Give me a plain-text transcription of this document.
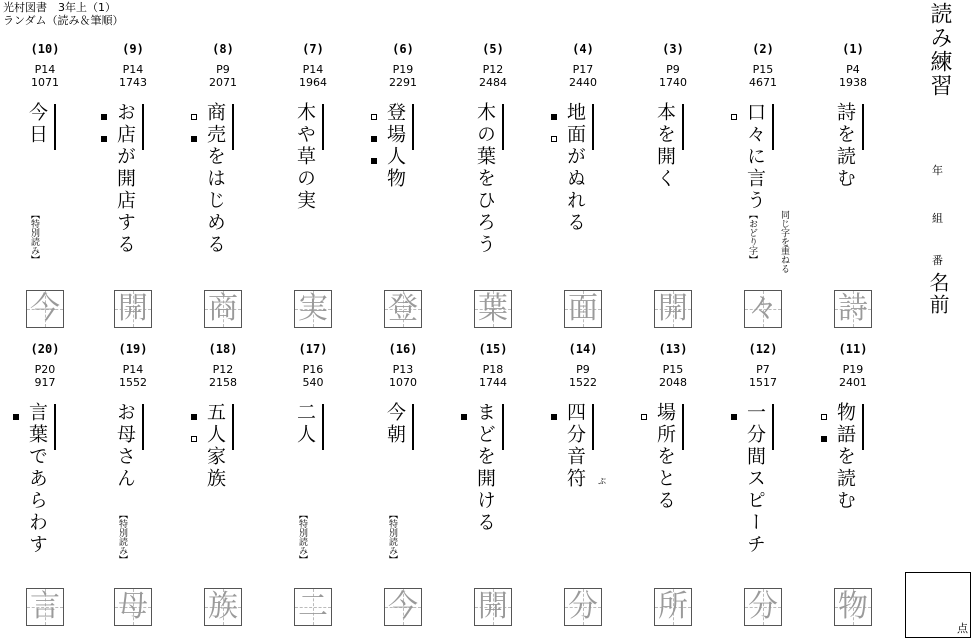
光村図書　3年上（1）
ランダム（読み＆筆順）
(1)
P4
1938
詩を読む
詩
(2)
P15
4671
口々に言う
【おどり字】 同じ字を重ねる
々
(3)
P9
1740
本を開く
開
(4)
P17
2440
地面がぬれる
面
(5)
P12
2484
木の葉をひろう
葉
(6)
P19
2291
登場人物
登
(7)
P14
1964
木や草の実
実
(8)
P9
2071
商売をはじめる
商
(9)
P14
1743
お店が開店する
開
(10)
P14
1071
今日
【特別読み】
今
(11)
P19
2401
物語を読む
物
(12)
P7
1517
一分間スピーチ
分
(13)
P15
2048
場所をとる
所
(14)
P9
1522
四分音符	ぷ
分
(15)
P18
1744
まどを開ける
開
(16)
P13
1070
今朝
【特別読み】
今
(17)
P16
540
二人
【特別読み】
二
(18)
P12
2158
五人家族
族
(19)
P14
1552
お母さん
【特別読み】
母
(20)
P20
917
言葉であらわす
言
読み練習
年
組
番
名前
点
